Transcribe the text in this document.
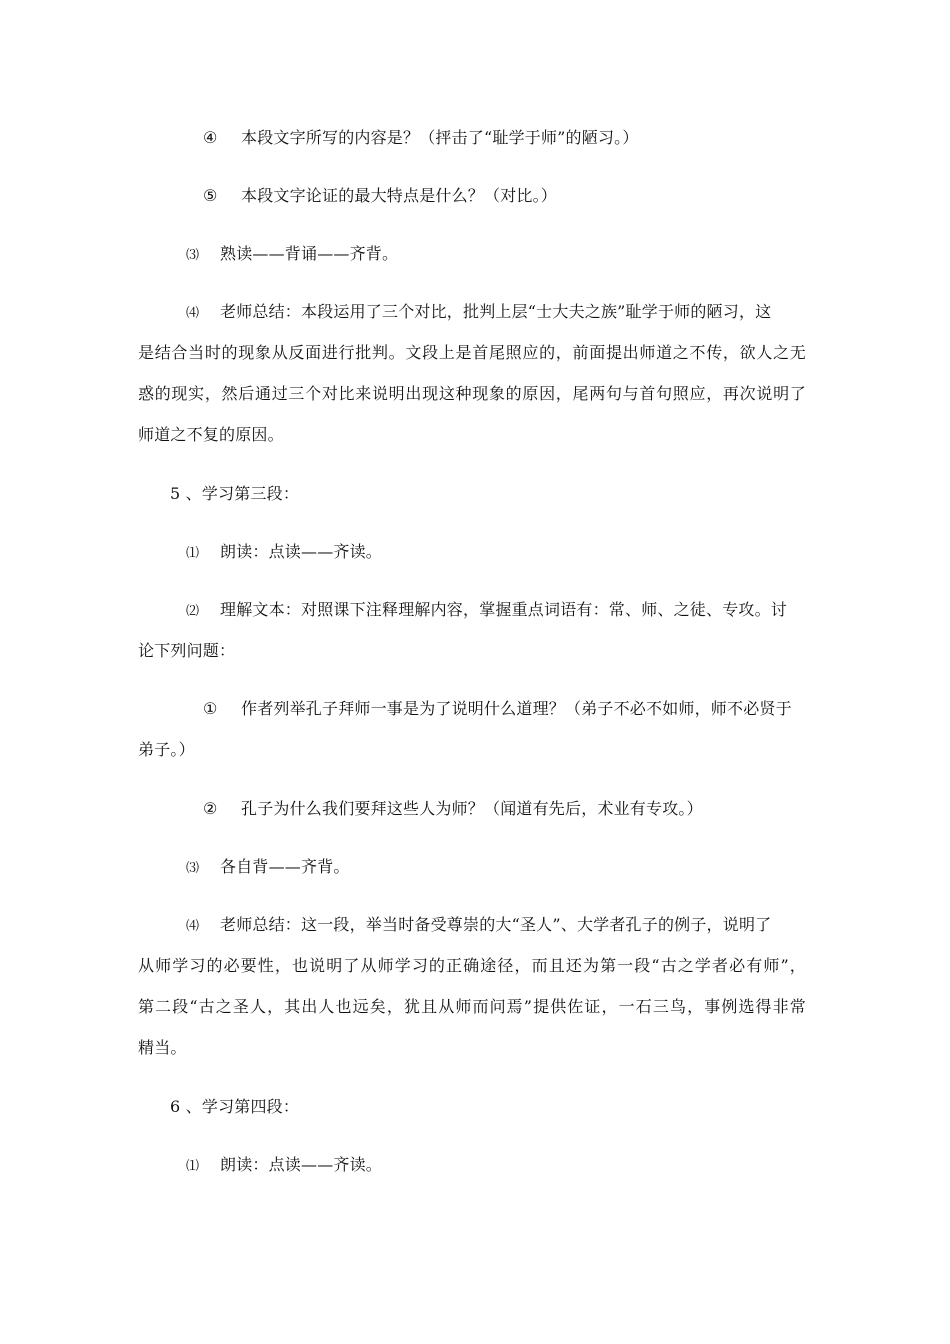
④ 本段文字所写的内容是？（抨击了“耻学于师”的陋习。）
⑤ 本段文字论证的最大特点是什么？（对比。）
⑶ 熟读——背诵——齐背。
⑷ 老师总结：本段运用了三个对比，批判上层“士大夫之族”耻学于师的陋习，这
是结合当时的现象从反面进行批判。文段上是首尾照应的，前面提出师道之不传，欲人之无
惑的现实，然后通过三个对比来说明出现这种现象的原因，尾两句与首句照应，再次说明了
师道之不复的原因。
5 、学习第三段：
⑴ 朗读：点读——齐读。
⑵ 理解文本：对照课下注释理解内容，掌握重点词语有：常、师、之徒、专攻。讨
论下列问题：
① 作者列举孔子拜师一事是为了说明什么道理？（弟子不必不如师，师不必贤于
弟子。）
② 孔子为什么我们要拜这些人为师？（闻道有先后，术业有专攻。）
⑶ 各自背——齐背。
⑷ 老师总结：这一段，举当时备受尊崇的大“圣人”、大学者孔子的例子，说明了
从师学习的必要性，也说明了从师学习的正确途径，而且还为第一段“古之学者必有师”，
第二段“古之圣人，其出人也远矣，犹且从师而问焉”提供佐证，一石三鸟，事例选得非常
精当。
6 、学习第四段：
⑴ 朗读：点读——齐读。
